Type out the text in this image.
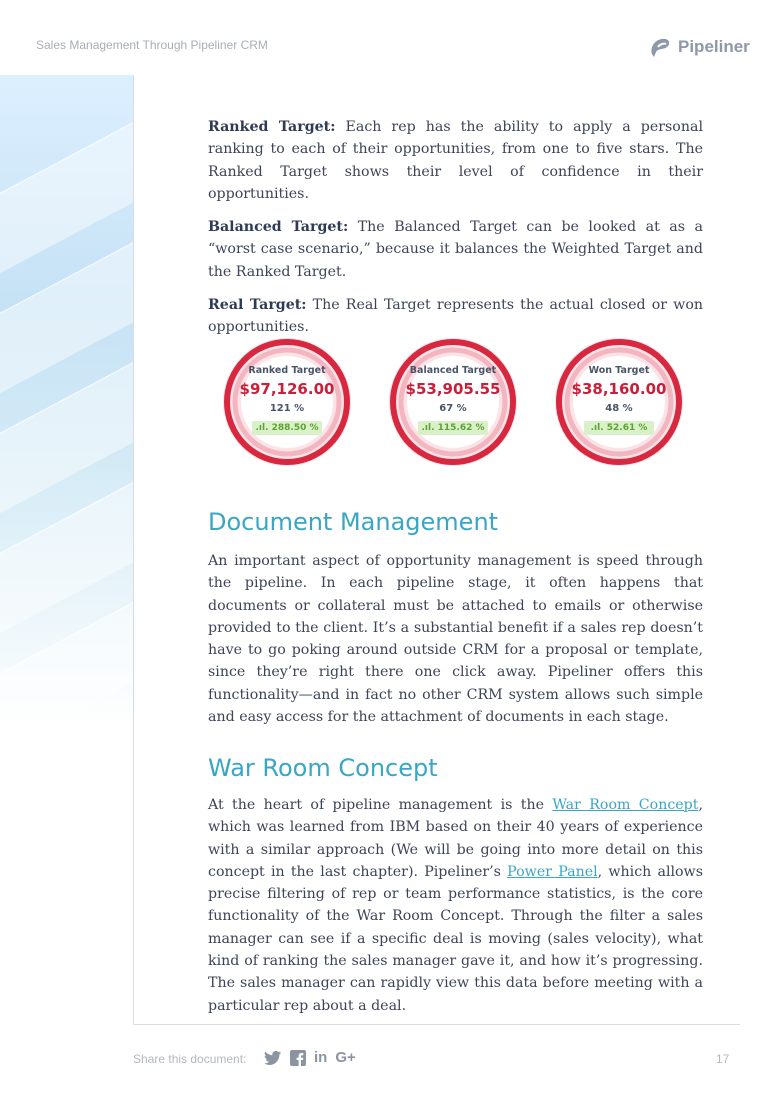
Sales Management Through Pipeliner CRM	Pipeliner

Ranked Target: Each rep has the ability to apply a personal ranking to each of their opportunities, from one to five stars. The Ranked Target shows their level of confidence in their opportunities.

Balanced Target: The Balanced Target can be looked at as a “worst case scenario,” because it balances the Weighted Target and the Ranked Target.

Real Target: The Real Target represents the actual closed or won opportunities.

Ranked Target
$97,126.00
121 %
.ıl. 288.50 %
Balanced Target
$53,905.55
67 %
.ıl. 115.62 %
Won Target
$38,160.00
48 %
.ıl. 52.61 %
Document Management

An important aspect of opportunity management is speed through the pipeline. In each pipeline stage, it often happens that documents or collateral must be attached to emails or otherwise provided to the client. It’s a substantial benefit if a sales rep doesn’t have to go poking around outside CRM for a proposal or template, since they’re right there one click away. Pipeliner offers this functionality—and in fact no other CRM system allows such simple and easy access for the attachment of documents in each stage.

War Room Concept

At the heart of pipeline management is the War Room Concept, which was learned from IBM based on their 40 years of experience with a similar approach (We will be going into more detail on this concept in the last chapter). Pipeliner’s Power Panel, which allows precise filtering of rep or team performance statistics, is the core functionality of the War Room Concept. Through the filter a sales manager can see if a specific deal is moving (sales velocity), what kind of ranking the sales manager gave it, and how it’s progressing. The sales manager can rapidly view this data before meeting with a particular rep about a deal.

Share this document:	in G+	17
